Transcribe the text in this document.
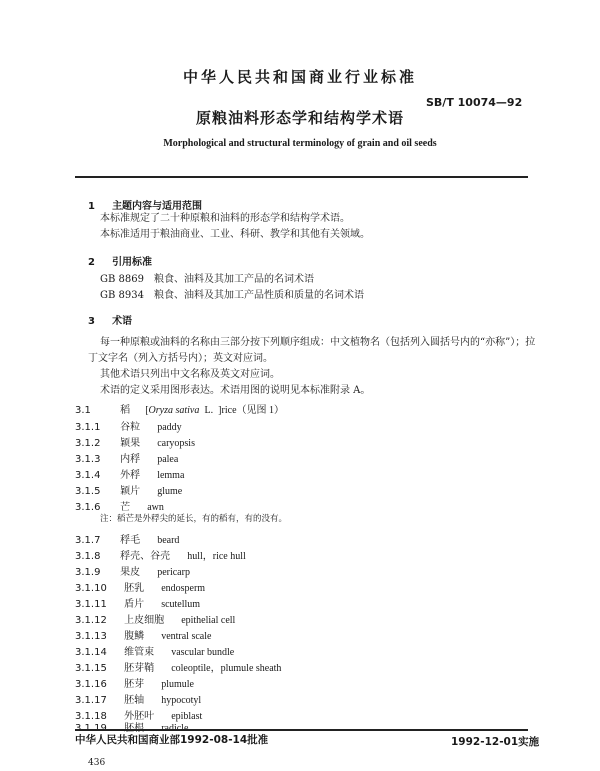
中华人民共和国商业行业标准
SB/T 10074—92
原粮油料形态学和结构学术语
Morphological and structural terminology of grain and oil seeds
1 主题内容与适用范围
本标准规定了二十种原粮和油料的形态学和结构学术语。
本标准适用于粮油商业、工业、科研、教学和其他有关领域。
2 引用标准
GB 8869　粮食、油料及其加工产品的名词术语
GB 8934　粮食、油料及其加工产品性质和质量的名词术语
3 术语
每一种原粮或油料的名称由三部分按下列顺序组成：中文植物名（包括列入圆括号内的“亦称”）；拉
丁文字名（列入方括号内）；英文对应词。
其他术语只列出中文名称及英文对应词。
术语的定义采用图形表达。术语用图的说明见本标准附录 A。
3.1	稻 [Oryza sativa L. ]rice（见图 1）
3.1.1 谷粒 paddy
3.1.2 颖果 caryopsis
3.1.3 内稃 palea
3.1.4 外稃 lemma
3.1.5 颖片 glume
3.1.6 芒 awn
注：稻芒是外稃尖的延长，有的稻有，有的没有。
3.1.7 稃毛 beard
3.1.8 稃壳、谷壳 hull，rice hull
3.1.9 果皮 pericarp
3.1.10 胚乳 endosperm
3.1.11 盾片 scutellum
3.1.12 上皮细胞 epithelial cell
3.1.13 腹鳞 ventral scale
3.1.14 维管束 vascular bundle
3.1.15 胚芽鞘 coleoptile，plumule sheath
3.1.16 胚芽 plumule
3.1.17 胚轴 hypocotyl
3.1.18 外胚叶 epiblast
中华人民共和国商业部1992-08-14批准	1992-12-01实施
436
